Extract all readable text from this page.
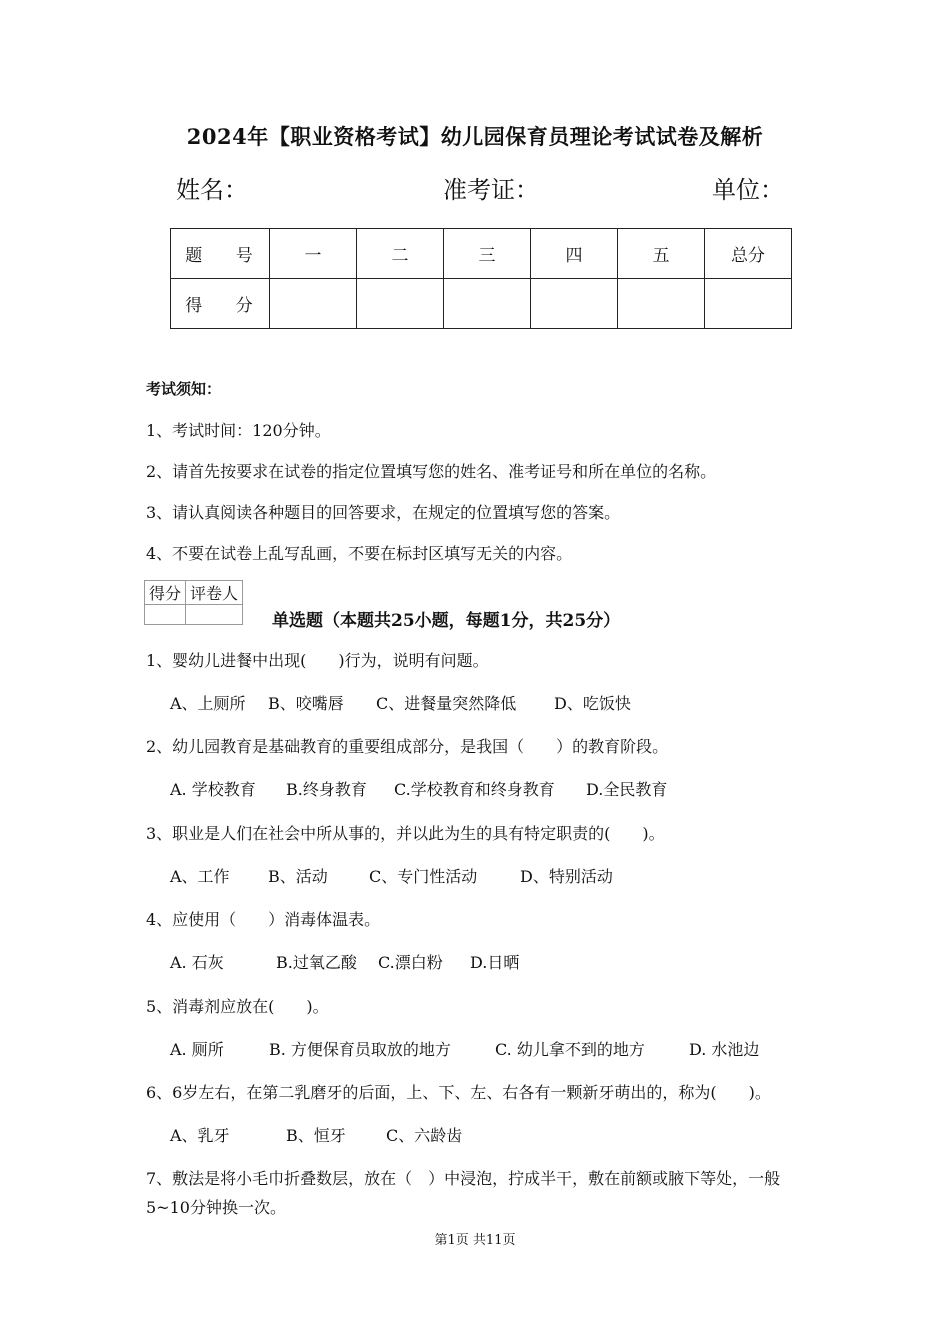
2024年【职业资格考试】幼儿园保育员理论考试试卷及解析
姓名：	准考证：	单位：
题 号	一	二	三	四	五	总分
得 分						
考试须知：
1、考试时间：120分钟。
2、请首先按要求在试卷的指定位置填写您的姓名、准考证号和所在单位的名称。
3、请认真阅读各种题目的回答要求，在规定的位置填写您的答案。
4、不要在试卷上乱写乱画，不要在标封区填写无关的内容。
得分	评卷人

单选题（本题共25小题，每题1分，共25分）
1、婴幼儿进餐中出现(　　)行为，说明有问题。
A、上厕所 B、咬嘴唇 C、进餐量突然降低 D、吃饭快
2、幼儿园教育是基础教育的重要组成部分，是我国（　　）的教育阶段。
A. 学校教育 B.终身教育 C.学校教育和终身教育 D.全民教育
3、职业是人们在社会中所从事的，并以此为生的具有特定职责的(　　)。
A、工作 B、活动	C、专门性活动	D、特别活动
4、应使用（　　）消毒体温表。
A. 石灰	B.过氧乙酸 C.漂白粉 D.日晒
5、消毒剂应放在(　　)。
A. 厕所	B. 方便保育员取放的地方	C. 幼儿拿不到的地方	D. 水池边
6、6岁左右，在第二乳磨牙的后面，上、下、左、右各有一颗新牙萌出的，称为(　　)。
A、乳牙	B、恒牙	C、六龄齿
7、敷法是将小毛巾折叠数层，放在（　）中浸泡，拧成半干，敷在前额或腋下等处，一般
5~10分钟换一次。
第1页 共11页
